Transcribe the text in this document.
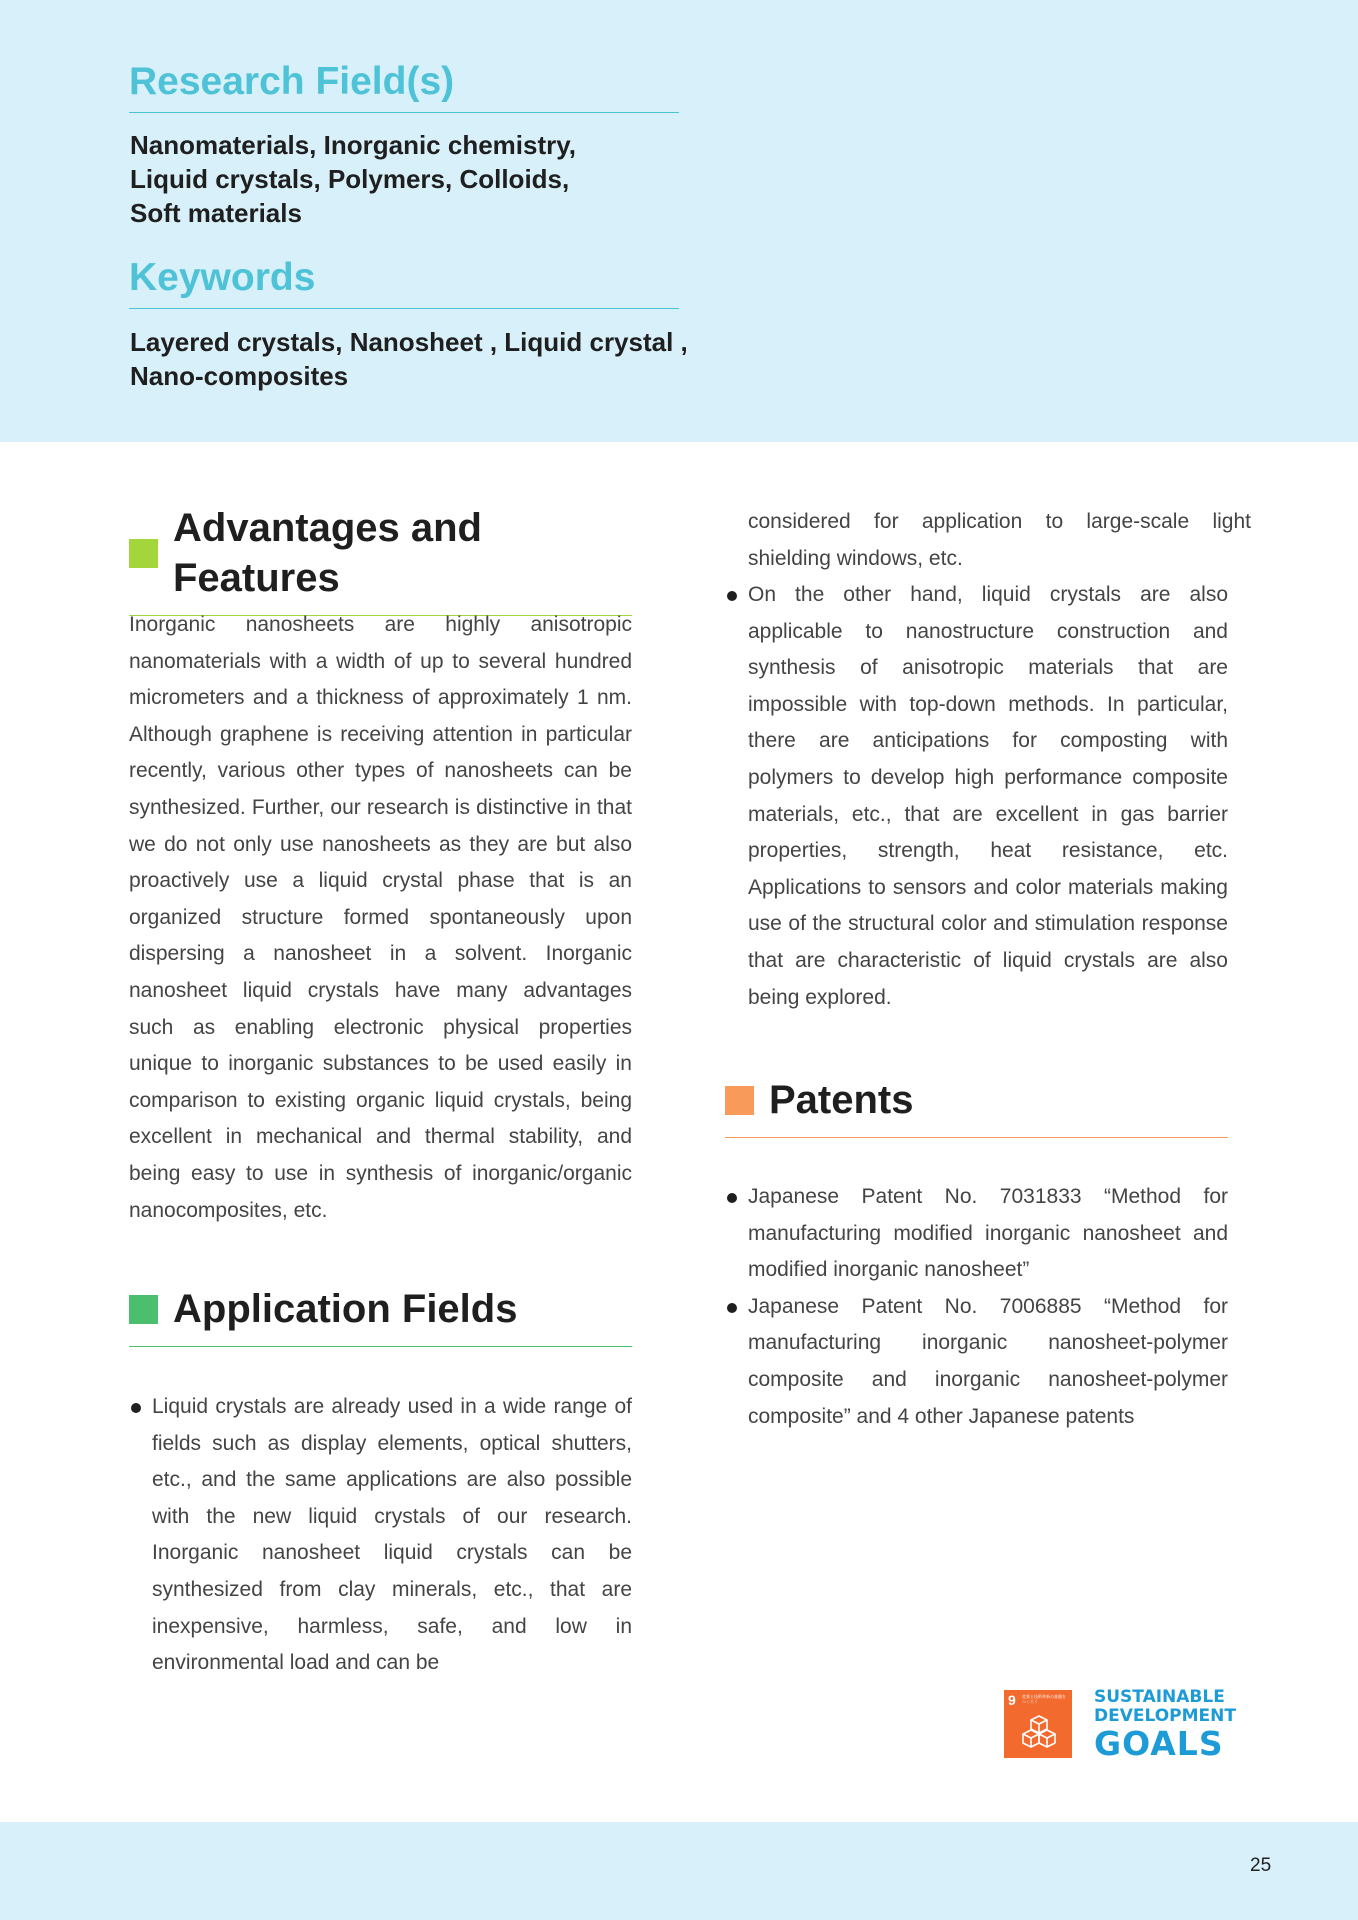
Research Field(s)
Nanomaterials, Inorganic chemistry,
Liquid crystals, Polymers, Colloids,
Soft materials
Keywords
Layered crystals, Nanosheet , Liquid crystal ,
Nano-composites
Advantages and Features

Inorganic nanosheets are highly anisotropic nanomaterials with a width of up to several hundred micrometers and a thickness of approximately 1 nm. Although graphene is receiving attention in particular recently, various other types of nanosheets can be synthesized. Further, our research is distinctive in that we do not only use nanosheets as they are but also proactively use a liquid crystal phase that is an organized structure formed spontaneously upon dispersing a nanosheet in a solvent. Inorganic nanosheet liquid crystals have many advantages such as enabling electronic physical properties unique to inorganic substances to be used easily in comparison to existing organic liquid crystals, being excellent in mechanical and thermal stability, and being easy to use in synthesis of inorganic/organic nanocomposites, etc.

Application Fields
Liquid crystals are already used in a wide range of fields such as display elements, optical shutters, etc., and the same applications are also possible with the new liquid crystals of our research. Inorganic nanosheet liquid crystals can be synthesized from clay minerals, etc., that are inexpensive, harmless, safe, and low in environmental load and can be
considered for application to large-scale light shielding windows, etc.
On the other hand, liquid crystals are also applicable to nanostructure construction and synthesis of anisotropic materials that are impossible with top-down methods. In particular, there are anticipations for composting with polymers to develop high performance composite materials, etc., that are excellent in gas barrier properties, strength, heat resistance, etc. Applications to sensors and color materials making use of the structural color and stimulation response that are characteristic of liquid crystals are also being explored.
Patents
Japanese Patent No. 7031833 “Method for manufacturing modified inorganic nanosheet and modified inorganic nanosheet”
Japanese Patent No. 7006885 “Method for manufacturing inorganic nanosheet-polymer composite and inorganic nanosheet-polymer composite” and 4 other Japanese patents
9 産業と技術革新の基盤をつくろう	SUSTAINABLE
DEVELOPMENT
GOALS
25
